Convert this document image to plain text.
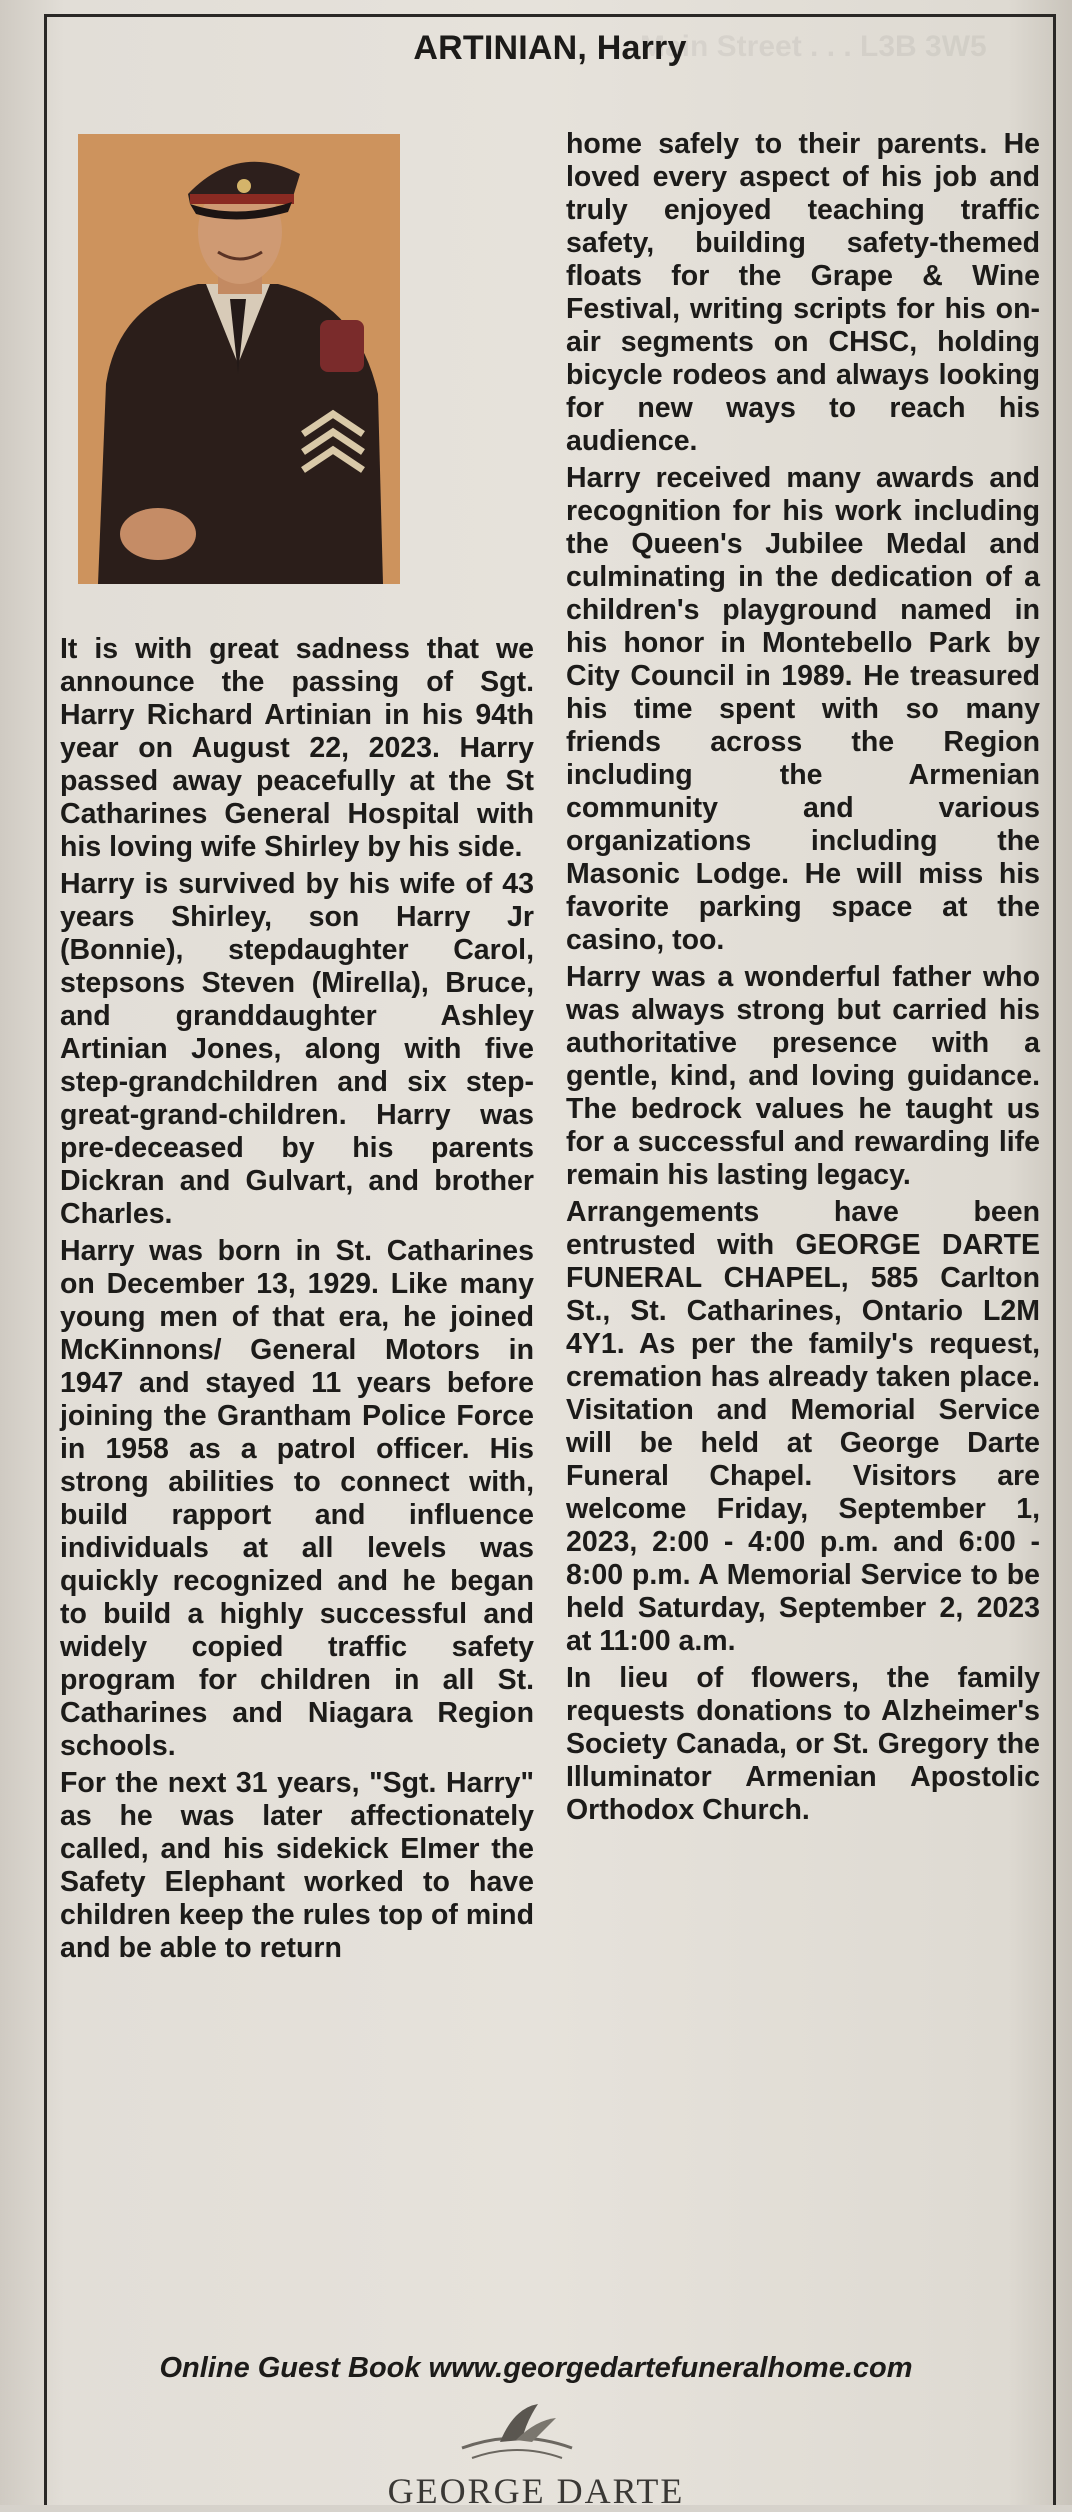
Main Street . . . L3B 3W5
ARTINIAN, Harry

It is with great sadness that we announce the passing of Sgt. Harry Richard Artinian in his 94th year on August 22, 2023. Harry passed away peacefully at the St Catharines General Hospital with his loving wife Shirley by his side.

Harry is survived by his wife of 43 years Shirley, son Harry Jr (Bonnie), stepdaughter Carol, stepsons Steven (Mirella), Bruce, and granddaughter Ashley Artinian Jones, along with five step-grandchildren and six step-great-grand-children. Harry was pre-deceased by his parents Dickran and Gulvart, and brother Charles.

Harry was born in St. Catharines on December 13, 1929. Like many young men of that era, he joined McKinnons/ General Motors in 1947 and stayed 11 years before joining the Grantham Police Force in 1958 as a patrol officer. His strong abilities to connect with, build rapport and influence individuals at all levels was quickly recognized and he began to build a highly successful and widely copied traffic safety program for children in all St. Catharines and Niagara Region schools.

For the next 31 years, "Sgt. Harry" as he was later affectionately called, and his sidekick Elmer the Safety Elephant worked to have children keep the rules top of mind and be able to return

home safely to their parents. He loved every aspect of his job and truly enjoyed teaching traffic safety, building safety-themed floats for the Grape & Wine Festival, writing scripts for his on-air segments on CHSC, holding bicycle rodeos and always looking for new ways to reach his audience.

Harry received many awards and recognition for his work including the Queen's Jubilee Medal and culminating in the dedication of a children's playground named in his honor in Montebello Park by City Council in 1989. He treasured his time spent with so many friends across the Region including the Armenian community and various organizations including the Masonic Lodge. He will miss his favorite parking space at the casino, too.

Harry was a wonderful father who was always strong but carried his authoritative presence with a gentle, kind, and loving guidance. The bedrock values he taught us for a successful and rewarding life remain his lasting legacy.

Arrangements have been entrusted with GEORGE DARTE FUNERAL CHAPEL, 585 Carlton St., St. Catharines, Ontario L2M 4Y1. As per the family's request, cremation has already taken place. Visitation and Memorial Service will be held at George Darte Funeral Chapel. Visitors are welcome Friday, September 1, 2023, 2:00 - 4:00 p.m. and 6:00 - 8:00 p.m. A Memorial Service to be held Saturday, September 2, 2023 at 11:00 a.m.

In lieu of flowers, the family requests donations to Alzheimer's Society Canada, or St. Gregory the Illuminator Armenian Apostolic Orthodox Church.

Online Guest Book www.georgedartefuneralhome.com
GEORGE DARTE
